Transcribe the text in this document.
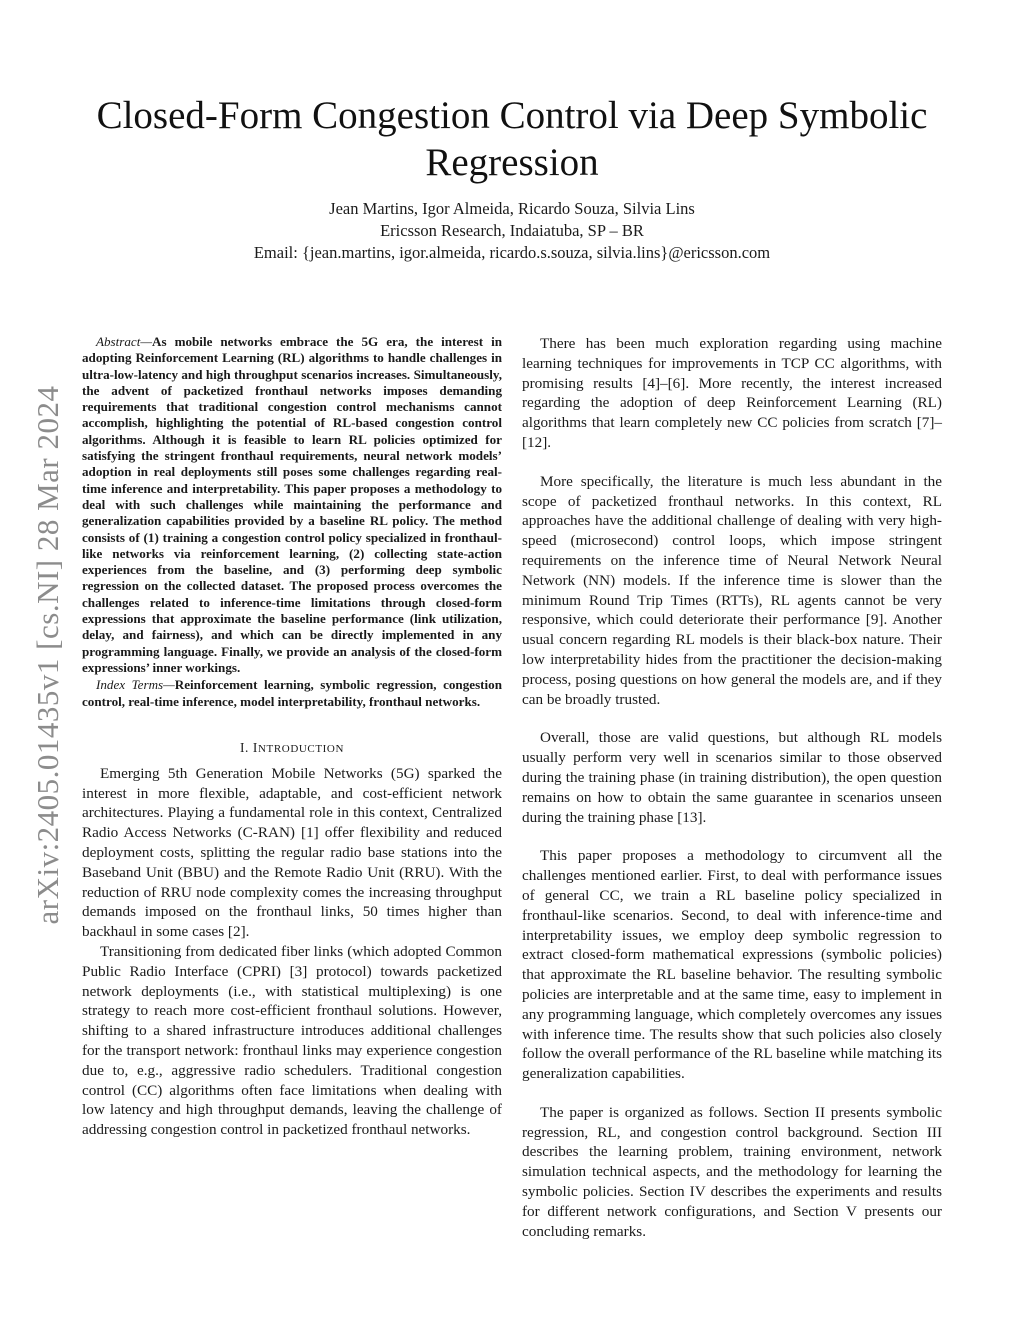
arXiv:2405.01435v1 [cs.NI] 28 Mar 2024
Closed-Form Congestion Control via Deep Symbolic Regression
Jean Martins, Igor Almeida, Ricardo Souza, Silvia Lins
Ericsson Research, Indaiatuba, SP – BR
Email: {jean.martins, igor.almeida, ricardo.s.souza, silvia.lins}@ericsson.com

Abstract—As mobile networks embrace the 5G era, the interest in adopting Reinforcement Learning (RL) algorithms to handle challenges in ultra-low-latency and high throughput scenarios increases. Simultaneously, the advent of packetized fronthaul networks imposes demanding requirements that traditional congestion control mechanisms cannot accomplish, highlighting the potential of RL-based congestion control algorithms. Although it is feasible to learn RL policies optimized for satisfying the stringent fronthaul requirements, neural network models’ adoption in real deployments still poses some challenges regarding real-time inference and interpretability. This paper proposes a methodology to deal with such challenges while maintaining the performance and generalization capabilities provided by a baseline RL policy. The method consists of (1) training a congestion control policy specialized in fronthaul-like networks via reinforcement learning, (2) collecting state-action experiences from the baseline, and (3) performing deep symbolic regression on the collected dataset. The proposed process overcomes the challenges related to inference-time limitations through closed-form expressions that approximate the baseline performance (link utilization, delay, and fairness), and which can be directly implemented in any programming language. Finally, we provide an analysis of the closed-form expressions’ inner workings.

Index Terms—Reinforcement learning, symbolic regression, congestion control, real-time inference, model interpretability, fronthaul networks.

I. INTRODUCTION

Emerging 5th Generation Mobile Networks (5G) sparked the interest in more flexible, adaptable, and cost-efficient network architectures. Playing a fundamental role in this context, Centralized Radio Access Networks (C-RAN) [1] offer flexibility and reduced deployment costs, splitting the regular radio base stations into the Baseband Unit (BBU) and the Remote Radio Unit (RRU). With the reduction of RRU node complexity comes the increasing throughput demands imposed on the fronthaul links, 50 times higher than backhaul in some cases [2].

Transitioning from dedicated fiber links (which adopted Common Public Radio Interface (CPRI) [3] protocol) towards packetized network deployments (i.e., with statistical multiplexing) is one strategy to reach more cost-efficient fronthaul solutions. However, shifting to a shared infrastructure introduces additional challenges for the transport network: fronthaul links may experience congestion due to, e.g., aggressive radio schedulers. Traditional congestion control (CC) algorithms often face limitations when dealing with low latency and high throughput demands, leaving the challenge of addressing congestion control in packetized fronthaul networks.

There has been much exploration regarding using machine learning techniques for improvements in TCP CC algorithms, with promising results [4]–[6]. More recently, the interest increased regarding the adoption of deep Reinforcement Learning (RL) algorithms that learn completely new CC policies from scratch [7]–[12].

More specifically, the literature is much less abundant in the scope of packetized fronthaul networks. In this context, RL approaches have the additional challenge of dealing with very high-speed (microsecond) control loops, which impose stringent requirements on the inference time of Neural Network Neural Network (NN) models. If the inference time is slower than the minimum Round Trip Times (RTTs), RL agents cannot be very responsive, which could deteriorate their performance [9]. Another usual concern regarding RL models is their black-box nature. Their low interpretability hides from the practitioner the decision-making process, posing questions on how general the models are, and if they can be broadly trusted.

Overall, those are valid questions, but although RL models usually perform very well in scenarios similar to those observed during the training phase (in training distribution), the open question remains on how to obtain the same guarantee in scenarios unseen during the training phase [13].

This paper proposes a methodology to circumvent all the challenges mentioned earlier. First, to deal with performance issues of general CC, we train a RL baseline policy specialized in fronthaul-like scenarios. Second, to deal with inference-time and interpretability issues, we employ deep symbolic regression to extract closed-form mathematical expressions (symbolic policies) that approximate the RL baseline behavior. The resulting symbolic policies are interpretable and at the same time, easy to implement in any programming language, which completely overcomes any issues with inference time. The results show that such policies also closely follow the overall performance of the RL baseline while matching its generalization capabilities.

The paper is organized as follows. Section II presents symbolic regression, RL, and congestion control background. Section III describes the learning problem, training environment, network simulation technical aspects, and the methodology for learning the symbolic policies. Section IV describes the experiments and results for different network configurations, and Section V presents our concluding remarks.
